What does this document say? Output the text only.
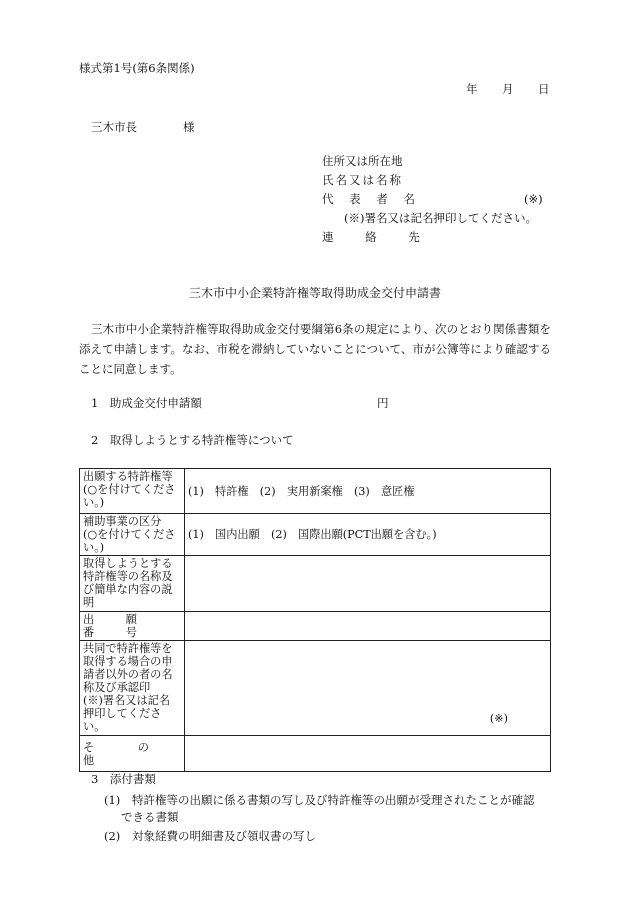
様式第1号(第6条関係)
年 月 日
三木市長	様
住所又は所在地
氏名又は名称
代 表 者 名	(※)
(※)署名又は記名押印してください。
連 絡 先
三木市中小企業特許権等取得助成金交付申請書
三木市中小企業特許権等取得助成金交付要綱第6条の規定により、次のとおり関係書類を添えて申請します。なお、市税を滞納していないことについて、市が公簿等により確認することに同意します。
1　助成金交付申請額	円
2　取得しようとする特許権等について
出願する特許権等
(○を付けてください。)	(1)　特許権　(2)　実用新案権　(3)　意匠権
補助事業の区分
(○を付けてください。)	(1)　国内出願　(2)　国際出願(PCT出願を含む。)
取得しようとする特許権等の名称及び簡単な内容の説明	
出 願 番 号	
共同で特許権等を取得する場合の申請者以外の者の名称及び承認印
(※)署名又は記名押印してください。	(※)

そ の 他	
3　添付書類
(1) 特許権等の出願に係る書類の写し及び特許権等の出願が受理されたことが確認
できる書類
(2) 対象経費の明細書及び領収書の写し
